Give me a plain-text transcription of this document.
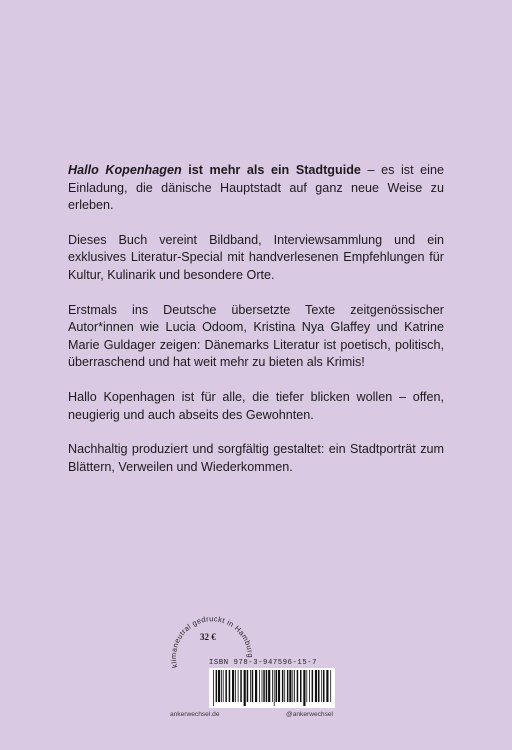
Hallo Kopenhagen ist mehr als ein Stadtguide – es ist eine Einladung, die dänische Hauptstadt auf ganz neue Weise zu erleben.

Dieses Buch vereint Bildband, Interviewsammlung und ein exklusives Literatur-Special mit handverlesenen Empfehlungen für Kultur, Kulinarik und besondere Orte.

Erstmals ins Deutsche übersetzte Texte zeitgenössischer Autor*innen wie Lucia Odoom, Kristina Nya Glaffey und Katrine Marie Guldager zeigen: Dänemarks Literatur ist poetisch, politisch, überraschend und hat weit mehr zu bieten als Krimis!

Hallo Kopenhagen ist für alle, die tiefer blicken wollen – offen, neugierig und auch abseits des Gewohnten.

Nachhaltig produziert und sorgfältig gestaltet: ein Stadtporträt zum Blättern, Verweilen und Wiederkommen.

klimaneutral gedruckt in Hamburg
32 €
ISBN 978-3-947596-15-7
ankerwechsel.de	@ankerwechsel
